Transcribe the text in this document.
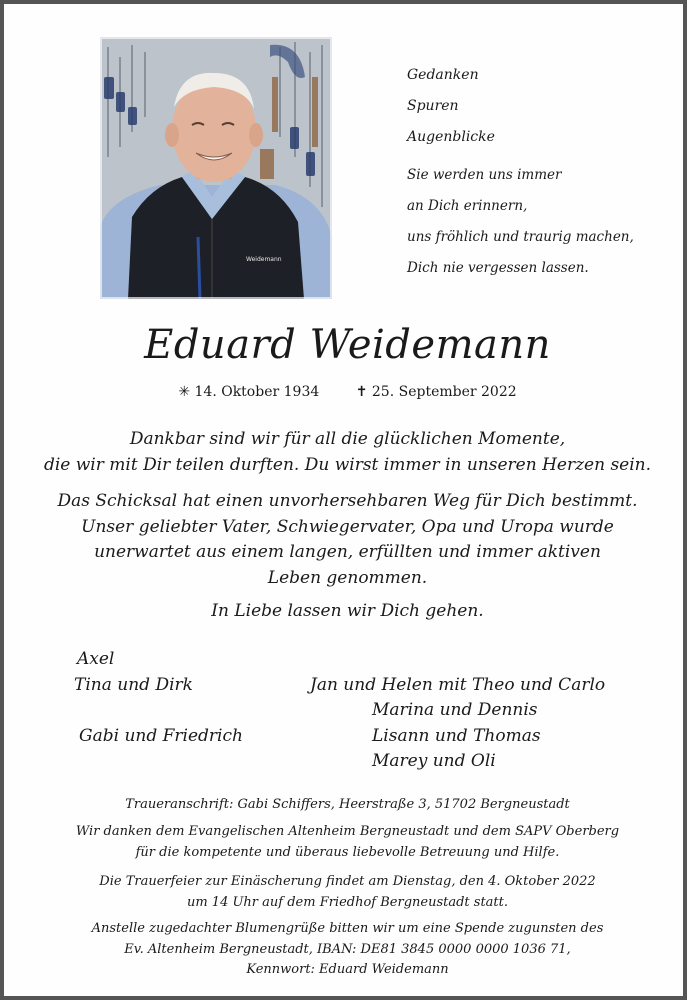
Weidemann
Gedanken
Spuren
Augenblicke
Sie werden uns immer
an Dich erinnern,
uns fröhlich und traurig machen,
Dich nie vergessen lassen.
Eduard Weidemann
✳ 14. Oktober 1934	✝ 25. September 2022
Dankbar sind wir für all die glücklichen Momente,
die wir mit Dir teilen durften. Du wirst immer in unseren Herzen sein.
Das Schicksal hat einen unvorhersehbaren Weg für Dich bestimmt.
Unser geliebter Vater, Schwiegervater, Opa und Uropa wurde
unerwartet aus einem langen, erfüllten und immer aktiven
Leben genommen.
In Liebe lassen wir Dich gehen.
Axel
Tina und Dirk
Gabi und Friedrich
Jan und Helen mit Theo und Carlo
Marina und Dennis
Lisann und Thomas
Marey und Oli
Traueranschrift: Gabi Schiffers, Heerstraße 3, 51702 Bergneustadt
Wir danken dem Evangelischen Altenheim Bergneustadt und dem SAPV Oberberg
für die kompetente und überaus liebevolle Betreuung und Hilfe.
Die Trauerfeier zur Einäscherung findet am Dienstag, den 4. Oktober 2022
um 14 Uhr auf dem Friedhof Bergneustadt statt.
Anstelle zugedachter Blumengrüße bitten wir um eine Spende zugunsten des
Ev. Altenheim Bergneustadt, IBAN: DE81 3845 0000 0000 1036 71,
Kennwort: Eduard Weidemann
